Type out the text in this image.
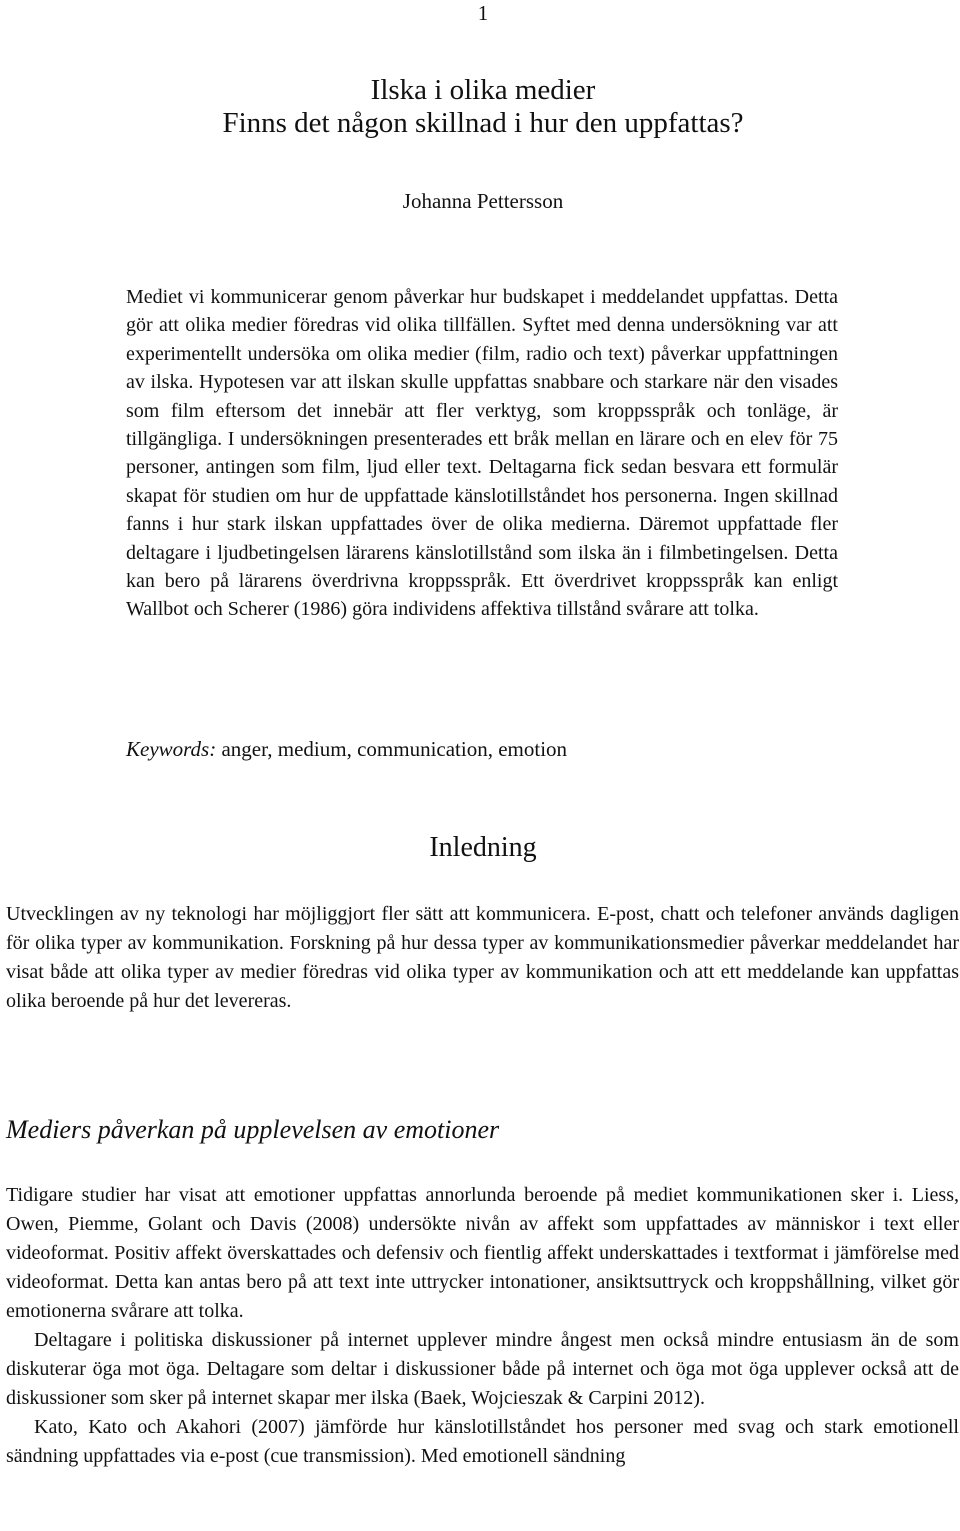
1
Ilska i olika medier
Finns det någon skillnad i hur den uppfattas?
Johanna Pettersson

Mediet vi kommunicerar genom påverkar hur budskapet i meddelandet uppfattas. Detta gör att olika medier föredras vid olika tillfällen. Syftet med denna undersökning var att experimentellt undersöka om olika medier (film, radio och text) påverkar uppfattningen av ilska. Hypotesen var att ilskan skulle uppfattas snabbare och starkare när den visades som film eftersom det innebär att fler verktyg, som kroppsspråk och tonläge, är tillgängliga. I undersökningen presenterades ett bråk mellan en lärare och en elev för 75 personer, antingen som film, ljud eller text. Deltagarna fick sedan besvara ett formulär skapat för studien om hur de uppfattade känslotillståndet hos personerna. Ingen skillnad fanns i hur stark ilskan uppfattades över de olika medierna. Däremot uppfattade fler deltagare i ljudbetingelsen lärarens känslotillstånd som ilska än i filmbetingelsen. Detta kan bero på lärarens överdrivna kroppsspråk. Ett överdrivet kroppsspråk kan enligt Wallbot och Scherer (1986) göra individens affektiva tillstånd svårare att tolka.

Keywords: anger, medium, communication, emotion
Inledning

Utvecklingen av ny teknologi har möjliggjort fler sätt att kommunicera. E-post, chatt och telefoner används dagligen för olika typer av kommunikation. Forskning på hur dessa typer av kommunikationsmedier påverkar meddelandet har visat både att olika typer av medier föredras vid olika typer av kommunikation och att ett meddelande kan uppfattas olika beroende på hur det levereras.

Mediers påverkan på upplevelsen av emotioner

Tidigare studier har visat att emotioner uppfattas annorlunda beroende på mediet kommunikationen sker i. Liess, Owen, Piemme, Golant och Davis (2008) undersökte nivån av affekt som uppfattades av människor i text eller videoformat. Positiv affekt överskattades och defensiv och fientlig affekt underskattades i textformat i jämförelse med videoformat. Detta kan antas bero på att text inte uttrycker intonationer, ansiktsuttryck och kroppshållning, vilket gör emotionerna svårare att tolka.

Deltagare i politiska diskussioner på internet upplever mindre ångest men också mindre entusiasm än de som diskuterar öga mot öga. Deltagare som deltar i diskussioner både på internet och öga mot öga upplever också att de diskussioner som sker på internet skapar mer ilska (Baek, Wojcieszak & Carpini 2012).

Kato, Kato och Akahori (2007) jämförde hur känslotillståndet hos personer med svag och stark emotionell sändning uppfattades via e-post (cue transmission). Med emotionell sändning
